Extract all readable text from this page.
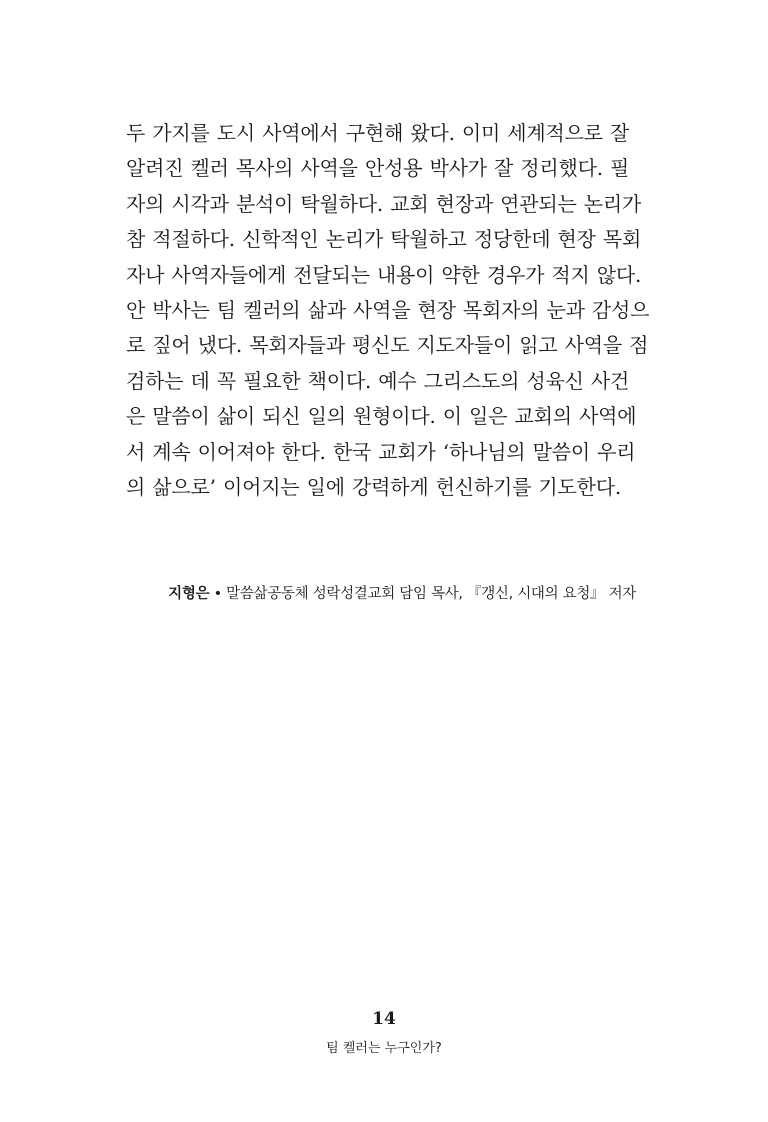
두 가지를 도시 사역에서 구현해 왔다. 이미 세계적으로 잘
알려진 켈러 목사의 사역을 안성용 박사가 잘 정리했다. 필
자의 시각과 분석이 탁월하다. 교회 현장과 연관되는 논리가
참 적절하다. 신학적인 논리가 탁월하고 정당한데 현장 목회
자나 사역자들에게 전달되는 내용이 약한 경우가 적지 않다.
안 박사는 팀 켈러의 삶과 사역을 현장 목회자의 눈과 감성으
로 짚어 냈다. 목회자들과 평신도 지도자들이 읽고 사역을 점
검하는 데 꼭 필요한 책이다. 예수 그리스도의 성육신 사건
은 말씀이 삶이 되신 일의 원형이다. 이 일은 교회의 사역에
서 계속 이어져야 한다. 한국 교회가 ‘하나님의 말씀이 우리
의 삶으로’ 이어지는 일에 강력하게 헌신하기를 기도한다.
지형은 • 말씀삶공동체 성락성결교회 담임 목사, 『갱신, 시대의 요청』 저자
14
팀 켈러는 누구인가?
